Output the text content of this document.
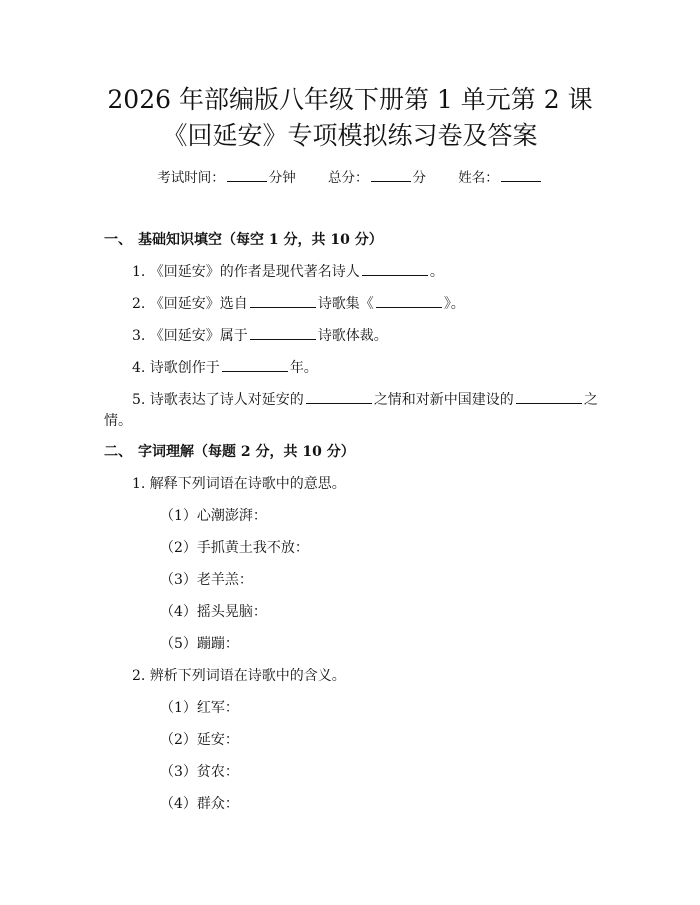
2026 年部编版八年级下册第 1 单元第 2 课
《回延安》专项模拟练习卷及答案
考试时间：	分钟 总分：	分 姓名：
一、 基础知识填空（每空 1 分，共 10 分）
1. 《回延安》的作者是现代著名诗人	。
2. 《回延安》选自	诗歌集《	》。
3. 《回延安》属于	诗歌体裁。
4. 诗歌创作于	年。
5. 诗歌表达了诗人对延安的	之情和对新中国建设的	之
情。
二、 字词理解（每题 2 分，共 10 分）
1. 解释下列词语在诗歌中的意思。
（1）心潮澎湃：
（2）手抓黄土我不放：
（3）老羊羔：
（4）摇头晃脑：
（5）蹦蹦：
2. 辨析下列词语在诗歌中的含义。
（1）红军：
（2）延安：
（3）贫农：
（4）群众：
